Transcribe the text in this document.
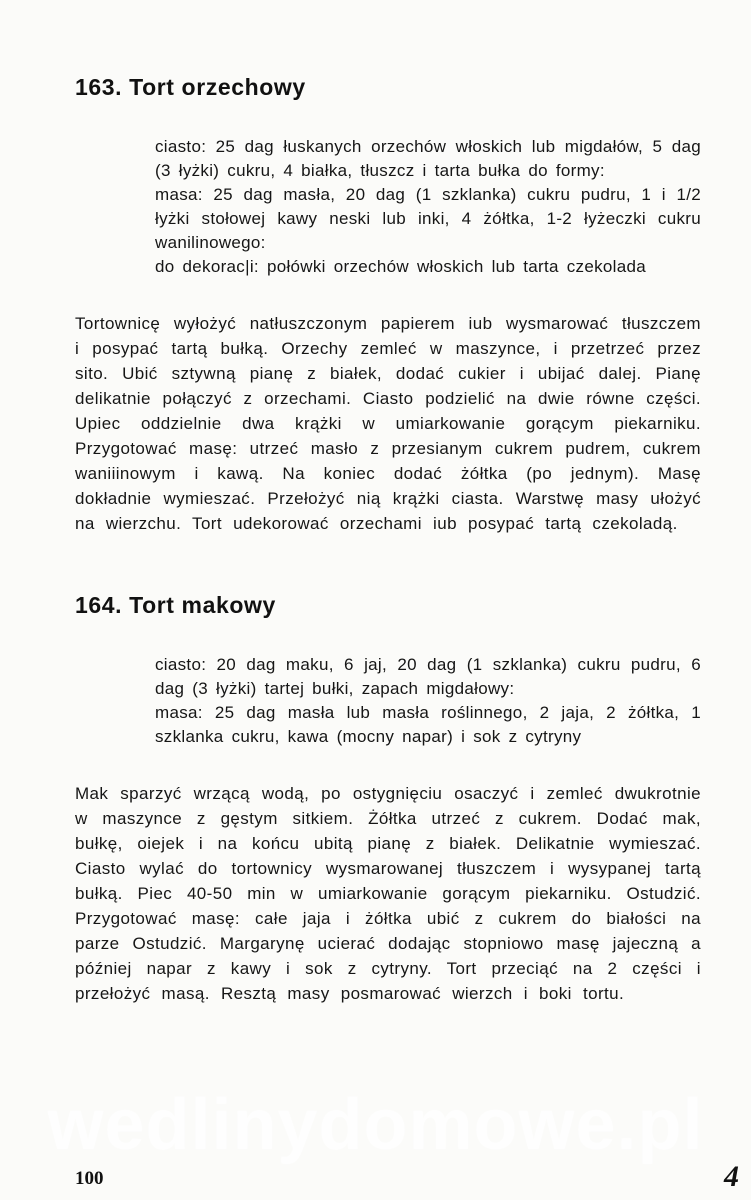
163. Tort orzechowy

ciasto: 25 dag łuskanych orzechów włoskich lub migdałów, 5 dag (3 łyżki) cukru, 4 białka, tłuszcz i tarta bułka do formy:

masa: 25 dag masła, 20 dag (1 szklanka) cukru pudru, 1 i 1/2 łyżki stołowej kawy neski lub inki, 4 żółtka, 1-2 łyżeczki cukru wanilinowego:

do dekorac|i: połówki orzechów włoskich lub tarta czekolada

Tortownicę wyłożyć natłuszczonym papierem iub wysmarować tłuszczem i posypać tartą bułką. Orzechy zemleć w maszynce, i przetrzeć przez sito. Ubić sztywną pianę z białek, dodać cukier i ubijać dalej. Pianę delikatnie połączyć z orzechami. Ciasto podzielić na dwie równe części. Upiec oddzielnie dwa krążki w umiarkowanie gorącym piekarniku. Przygotować masę: utrzeć masło z przesianym cukrem pudrem, cukrem waniiinowym i kawą. Na koniec dodać żółtka (po jednym). Masę dokładnie wymieszać. Przełożyć nią krążki ciasta. Warstwę masy ułożyć na wierzchu. Tort udekorować orzechami iub posypać tartą czekoladą.

164. Tort makowy

ciasto: 20 dag maku, 6 jaj, 20 dag (1 szklanka) cukru pudru, 6 dag (3 łyżki) tartej bułki, zapach migdałowy:

masa: 25 dag masła lub masła roślinnego, 2 jaja, 2 żółtka, 1 szklanka cukru, kawa (mocny napar) i sok z cytryny

Mak sparzyć wrzącą wodą, po ostygnięciu osaczyć i zemleć dwukrotnie w maszynce z gęstym sitkiem. Żółtka utrzeć z cukrem. Dodać mak, bułkę, oiejek i na końcu ubitą pianę z białek. Delikatnie wymieszać. Ciasto wylać do tortownicy wysmarowanej tłuszczem i wysypanej tartą bułką. Piec 40-50 min w umiarkowanie gorącym piekarniku. Ostudzić. Przygotować masę: całe jaja i żółtka ubić z cukrem do białości na parze Ostudzić. Margarynę ucierać dodając stopniowo masę jajeczną a później napar z kawy i sok z cytryny. Tort przeciąć na 2 części i przełożyć masą. Resztą masy posmarować wierzch i boki tortu.

wedlinydomowe.pl
100	4
